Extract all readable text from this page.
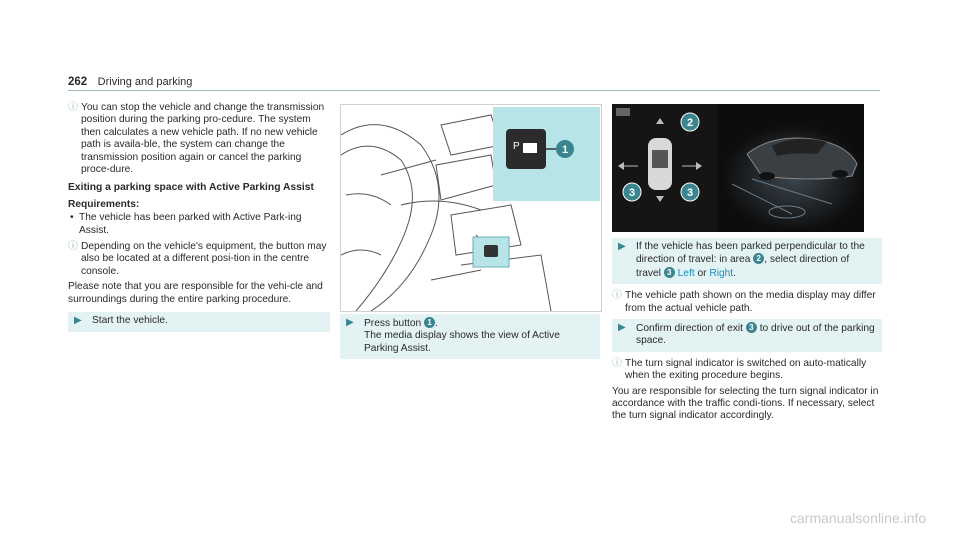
262 Driving and parking
ⓘ You can stop the vehicle and change the transmission position during the parking pro-cedure. The system then calculates a new vehicle path. If no new vehicle path is availa-ble, the system can change the transmission position again or cancel the parking proce-dure.
Exiting a parking space with Active Parking Assist
Requirements:
• The vehicle has been parked with Active Park-ing Assist.
ⓘ Depending on the vehicle's equipment, the button may also be located at a different posi-tion in the centre console.
Please note that you are responsible for the vehi-cle and surroundings during the entire parking procedure.
▶	Start the vehicle.
P	1
▶	Press button 1 .
The media display shows the view of Active Parking Assist.
2
3	3
▶	If the vehicle has been parked perpendicular to the direction of travel: in area 2 , select direction of travel 3 Left or Right.
ⓘ The vehicle path shown on the media display may differ from the actual vehicle path.
▶	Confirm direction of exit 3 to drive out of the parking space.
ⓘ The turn signal indicator is switched on auto-matically when the exiting procedure begins.
You are responsible for selecting the turn signal indicator in accordance with the traffic condi-tions. If necessary, select the turn signal indicator accordingly.
carmanualsonline.info
